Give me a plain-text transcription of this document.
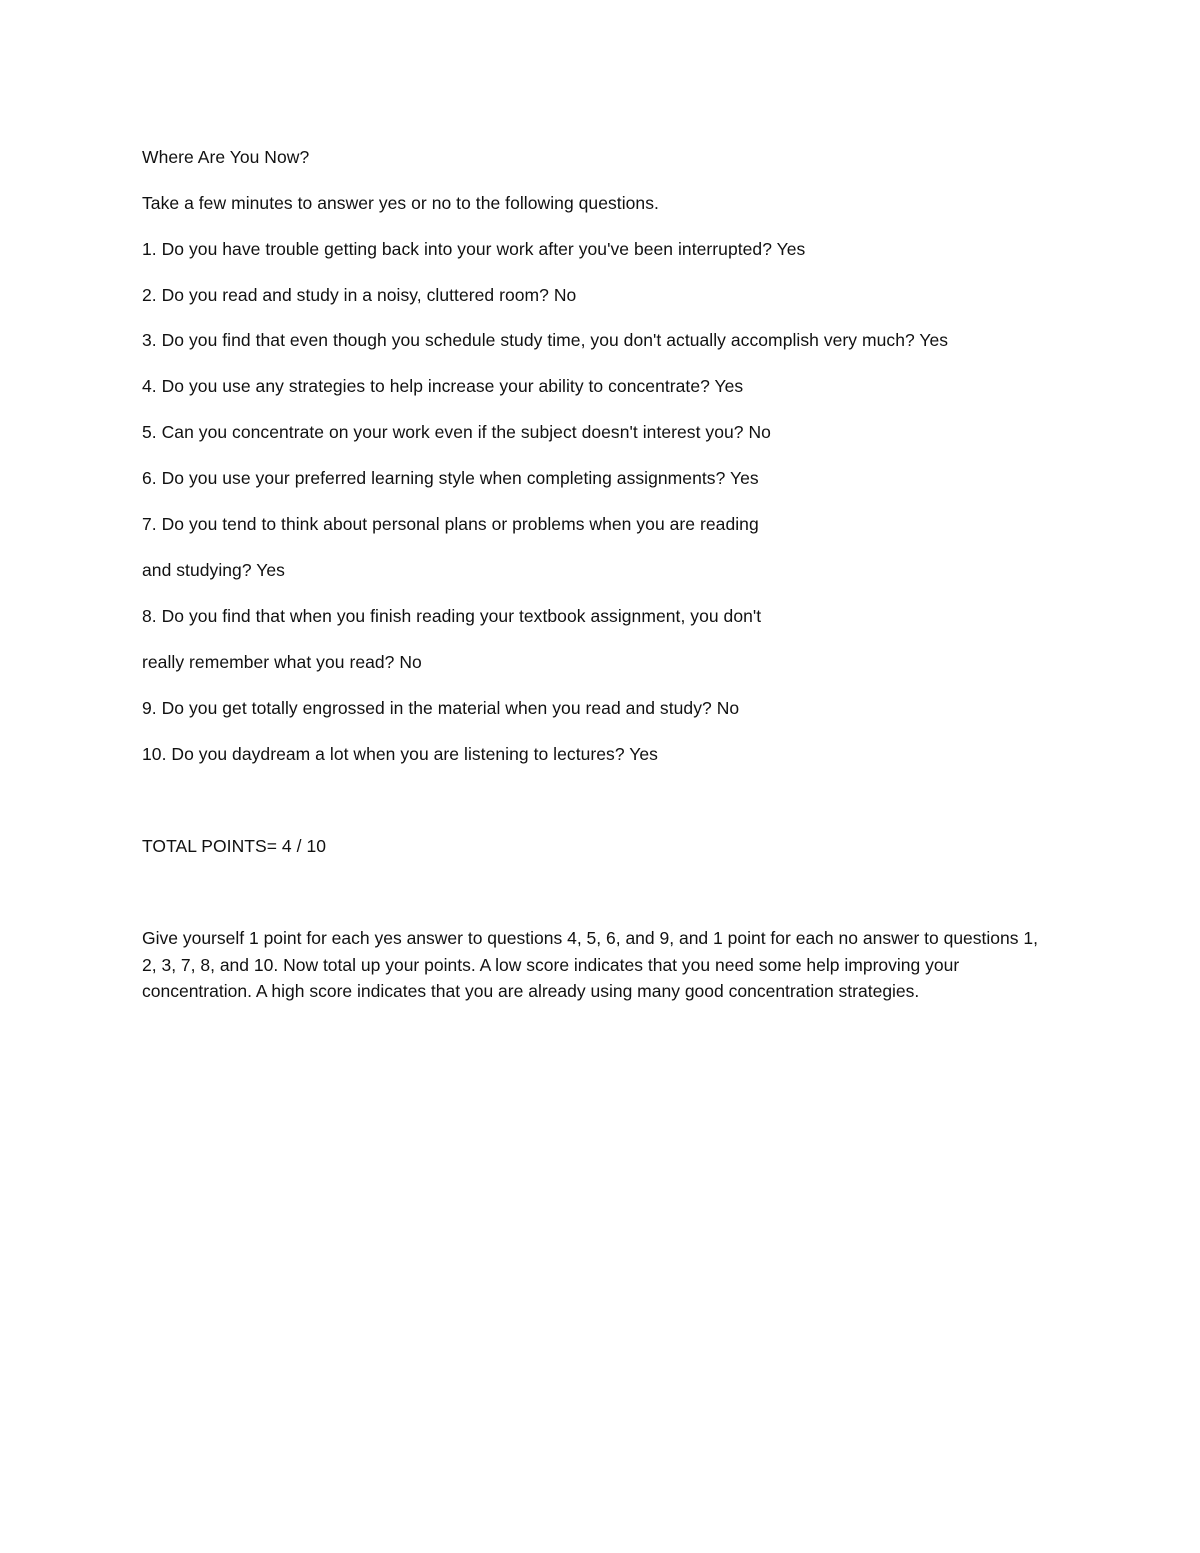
Where Are You Now?
Take a few minutes to answer yes or no to the following questions.
1. Do you have trouble getting back into your work after you've been interrupted? Yes
2. Do you read and study in a noisy, cluttered room? No
3. Do you find that even though you schedule study time, you don't actually accomplish very much? Yes
4. Do you use any strategies to help increase your ability to concentrate? Yes
5. Can you concentrate on your work even if the subject doesn't interest you? No
6. Do you use your preferred learning style when completing assignments? Yes
7. Do you tend to think about personal plans or problems when you are reading
and studying? Yes
8. Do you find that when you finish reading your textbook assignment, you don't
really remember what you read? No
9. Do you get totally engrossed in the material when you read and study? No
10. Do you daydream a lot when you are listening to lectures? Yes
TOTAL POINTS= 4 / 10
Give yourself 1 point for each yes answer to questions 4, 5, 6, and 9, and 1 point for each no answer to questions 1, 2, 3, 7, 8, and 10. Now total up your points. A low score indicates that you need some help improving your concentration. A high score indicates that you are already using many good concentration strategies.
